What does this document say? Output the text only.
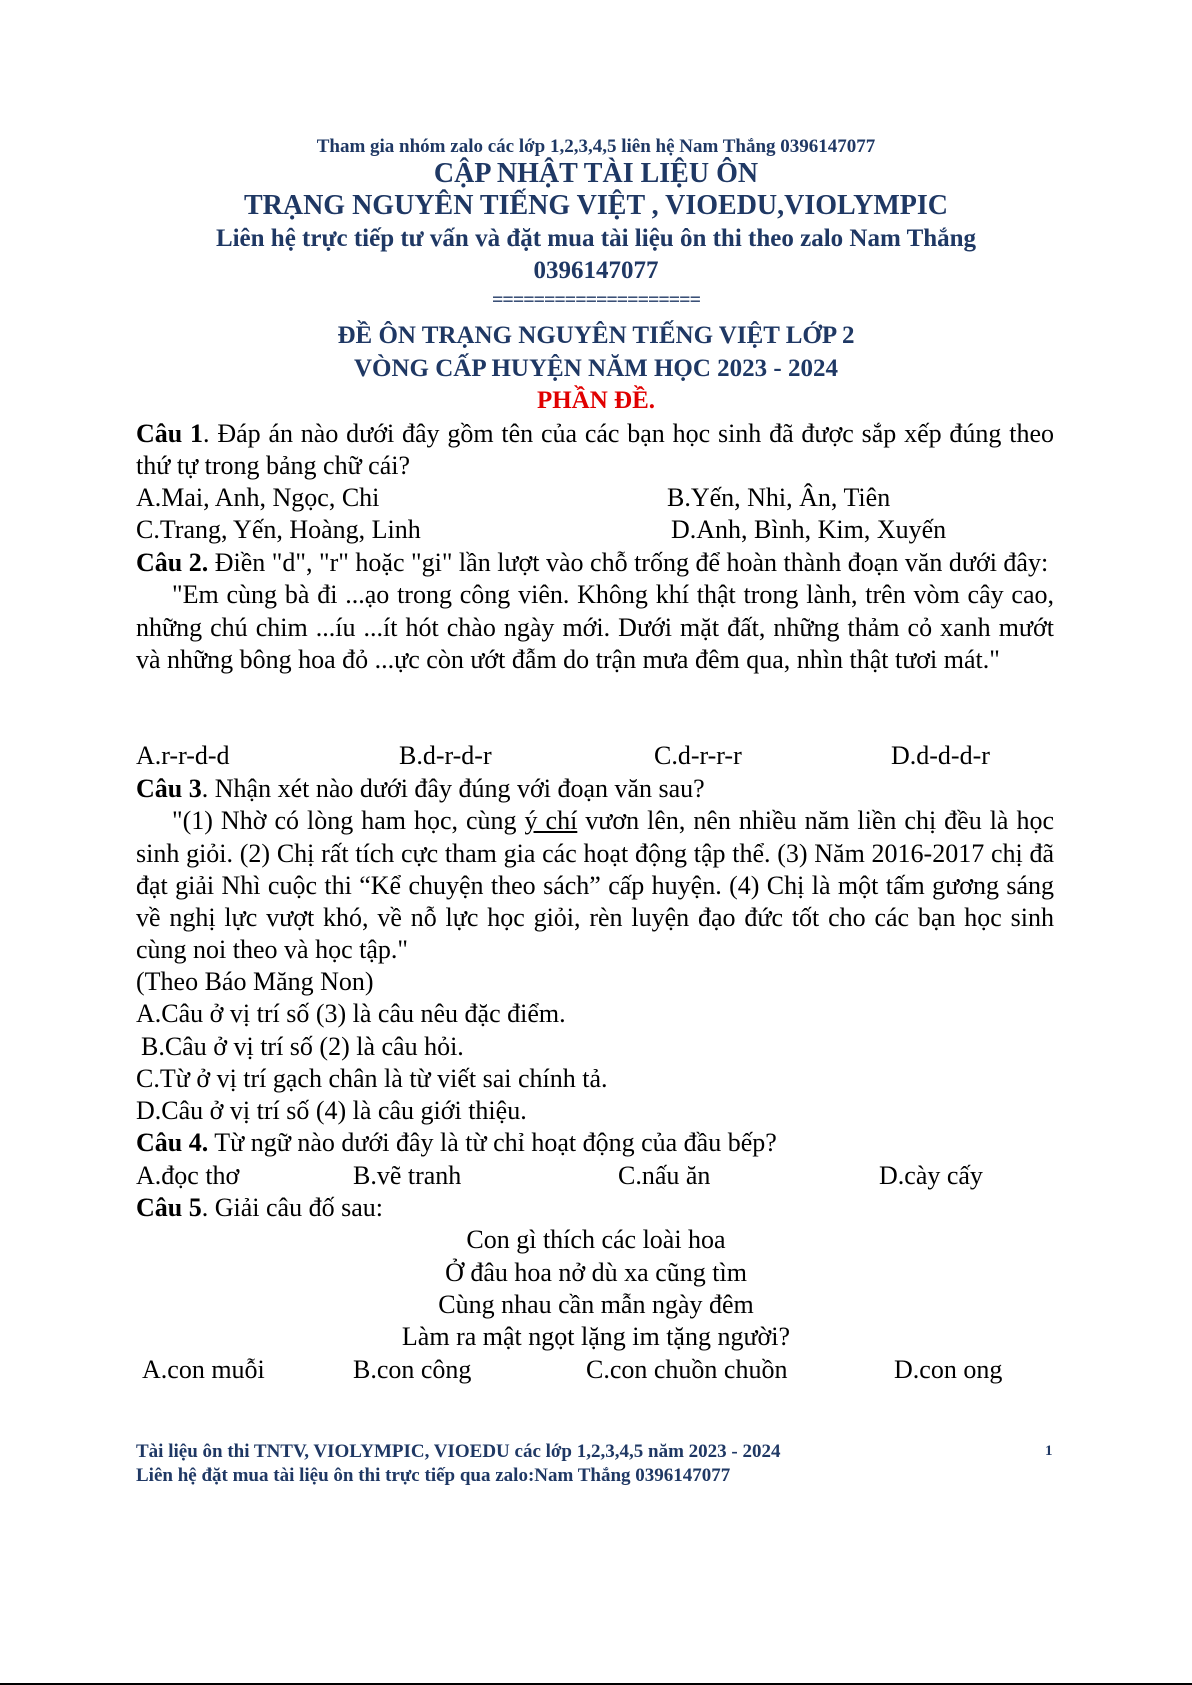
Tham gia nhóm zalo các lớp 1,2,3,4,5 liên hệ Nam Thắng 0396147077
CẬP NHẬT TÀI LIỆU ÔN
TRẠNG NGUYÊN TIẾNG VIỆT , VIOEDU,VIOLYMPIC
Liên hệ trực tiếp tư vấn và đặt mua tài liệu ôn thi theo zalo Nam Thắng
0396147077
====================
ĐỀ ÔN TRẠNG NGUYÊN TIẾNG VIỆT LỚP 2
VÒNG CẤP HUYỆN NĂM HỌC 2023 - 2024
PHẦN ĐỀ.

Câu 1. Đáp án nào dưới đây gồm tên của các bạn học sinh đã được sắp xếp đúng theo thứ tự trong bảng chữ cái?

A.Mai, Anh, Ngọc, Chi	B.Yến, Nhi, Ân, Tiên
C.Trang, Yến, Hoàng, Linh	D.Anh, Bình, Kim, Xuyến

Câu 2. Điền "d", "r" hoặc "gi" lần lượt vào chỗ trống để hoàn thành đoạn văn dưới đây:

"Em cùng bà đi ...ạo trong công viên. Không khí thật trong lành, trên vòm cây cao, những chú chim ...íu ...ít hót chào ngày mới. Dưới mặt đất, những thảm cỏ xanh mướt và những bông hoa đỏ ...ực còn ướt đẫm do trận mưa đêm qua, nhìn thật tươi mát."

A.r-r-d-d	B.d-r-d-r	C.d-r-r-r	D.d-d-d-r

Câu 3. Nhận xét nào dưới đây đúng với đoạn văn sau?

"(1) Nhờ có lòng ham học, cùng ý chí vươn lên, nên nhiều năm liền chị đều là học sinh giỏi. (2) Chị rất tích cực tham gia các hoạt động tập thể. (3) Năm 2016-2017 chị đã đạt giải Nhì cuộc thi “Kể chuyện theo sách” cấp huyện. (4) Chị là một tấm gương sáng về nghị lực vượt khó, về nỗ lực học giỏi, rèn luyện đạo đức tốt cho các bạn học sinh cùng noi theo và học tập."

(Theo Báo Măng Non)
A.Câu ở vị trí số (3) là câu nêu đặc điểm.
B.Câu ở vị trí số (2) là câu hỏi.
C.Từ ở vị trí gạch chân là từ viết sai chính tả.
D.Câu ở vị trí số (4) là câu giới thiệu.
Câu 4. Từ ngữ nào dưới đây là từ chỉ hoạt động của đầu bếp?
A.đọc thơ	B.vẽ tranh	C.nấu ăn	D.cày cấy
Câu 5. Giải câu đố sau:
Con gì thích các loài hoa
Ở đâu hoa nở dù xa cũng tìm
Cùng nhau cần mẫn ngày đêm
Làm ra mật ngọt lặng im tặng người?
A.con muỗi	B.con công	C.con chuồn chuồn	D.con ong
Tài liệu ôn thi TNTV, VIOLYMPIC, VIOEDU các lớp 1,2,3,4,5 năm 2023 - 2024
Liên hệ đặt mua tài liệu ôn thi trực tiếp qua zalo:Nam Thắng 0396147077
1
